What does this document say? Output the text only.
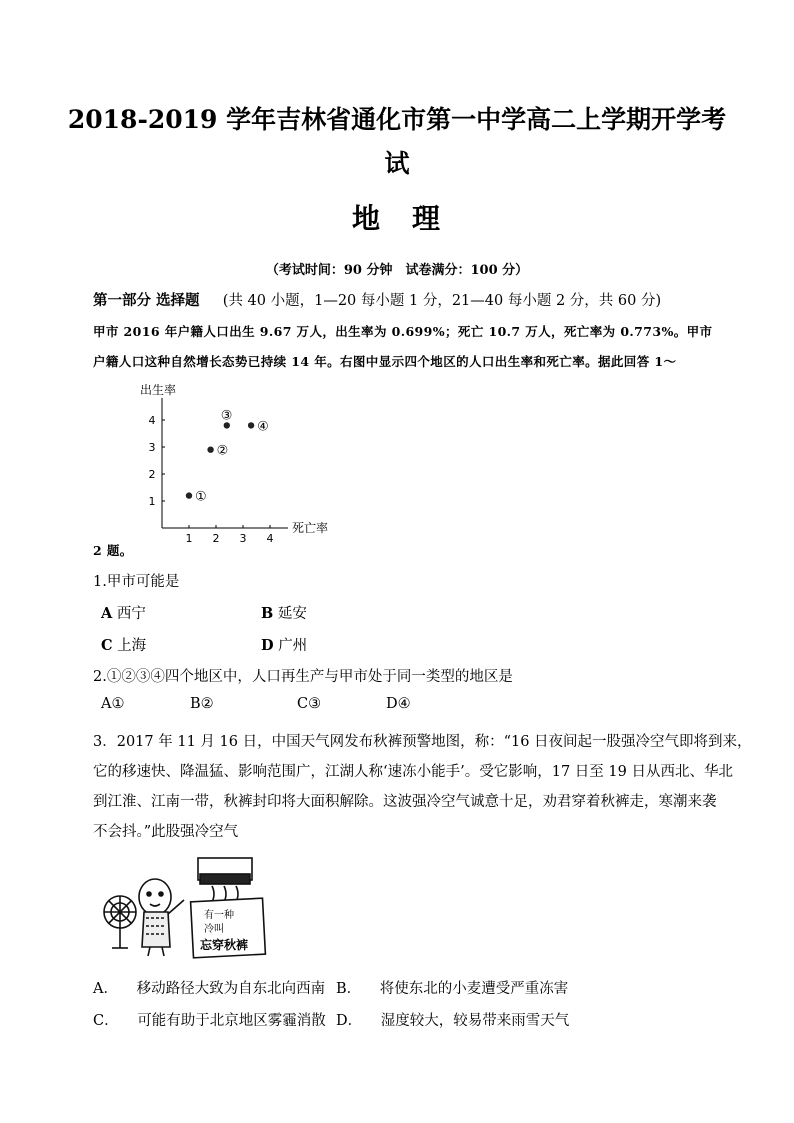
2018-2019 学年吉林省通化市第一中学高二上学期开学考
试
地　理
（考试时间：90 分钟　试卷满分：100 分）
第一部分 选择题 (共 40 小题，1—20 每小题 1 分，21—40 每小题 2 分，共 60 分)
甲市 2016 年户籍人口出生 9.67 万人，出生率为 0.699%；死亡 10.7 万人，死亡率为 0.773%。甲市
户籍人口这种自然增长态势已持续 14 年。右图中显示四个地区的人口出生率和死亡率。据此回答 1～
出生率
死亡率
1 2 3 4
1
2
3
4
①
②
③
④
2 题。
1.甲市可能是
A 西宁	B 延安
C 上海	D 广州
2.①②③④四个地区中，人口再生产与甲市处于同一类型的地区是
A①	B②	C③	D④
3．2017 年 11 月 16 日，中国天气网发布秋裤预警地图，称：“16 日夜间起一股强冷空气即将到来，
它的移速快、降温猛、影响范围广，江湖人称‘速冻小能手’。受它影响，17 日至 19 日从西北、华北
到江淮、江南一带，秋裤封印将大面积解除。这波强冷空气诚意十足，劝君穿着秋裤走，寒潮来袭
不会抖。”此股强冷空气
有一种
冷叫
忘穿秋裤
A． 移动路径大致为自东北向西南 B． 将使东北的小麦遭受严重冻害
C． 可能有助于北京地区雾霾消散 D． 湿度较大，较易带来雨雪天气
